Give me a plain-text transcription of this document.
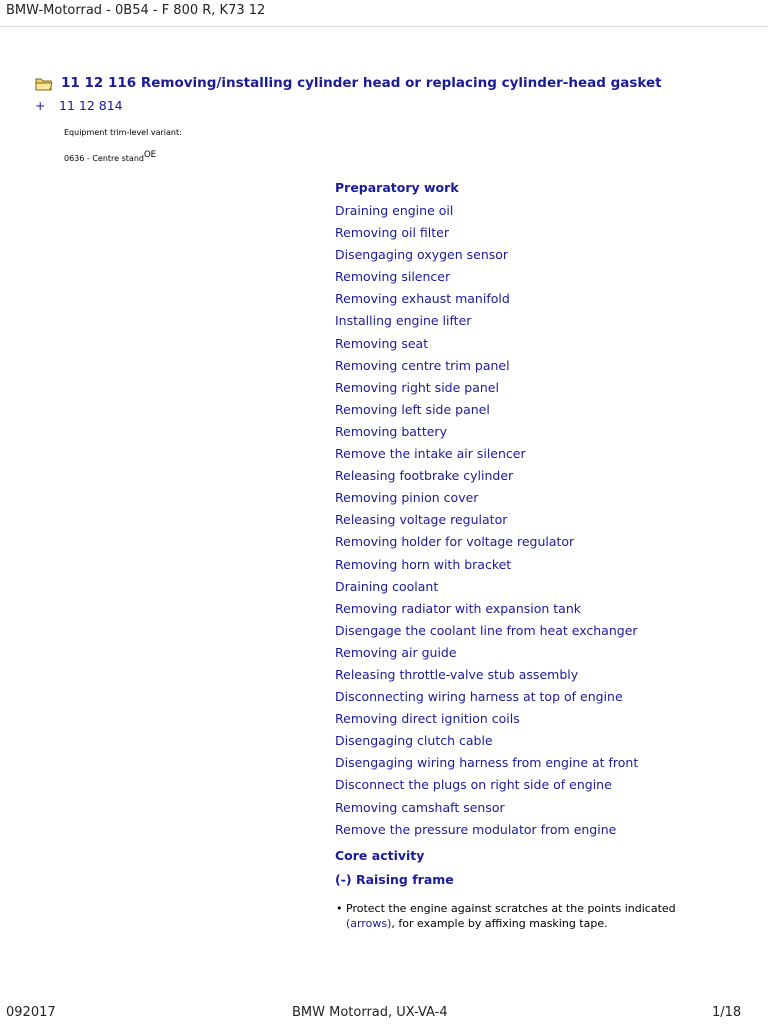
BMW-Motorrad - 0B54 - F 800 R, K73 12
11 12 116 Removing/installing cylinder head or replacing cylinder-head gasket
+ 11 12 814
Equipment trim-level variant:
0636 - Centre stand$^{OE}$
Preparatory work
Draining engine oil
Removing oil filter
Disengaging oxygen sensor
Removing silencer
Removing exhaust manifold
Installing engine lifter
Removing seat
Removing centre trim panel
Removing right side panel
Removing left side panel
Removing battery
Remove the intake air silencer
Releasing footbrake cylinder
Removing pinion cover
Releasing voltage regulator
Removing holder for voltage regulator
Removing horn with bracket
Draining coolant
Removing radiator with expansion tank
Disengage the coolant line from heat exchanger
Removing air guide
Releasing throttle-valve stub assembly
Disconnecting wiring harness at top of engine
Removing direct ignition coils
Disengaging clutch cable
Disengaging wiring harness from engine at front
Disconnect the plugs on right side of engine
Removing camshaft sensor
Remove the pressure modulator from engine
Core activity
(-) Raising frame
• Protect the engine against scratches at the points indicated
(arrows), for example by affixing masking tape.
092017	BMW Motorrad, UX-VA-4	1/18
